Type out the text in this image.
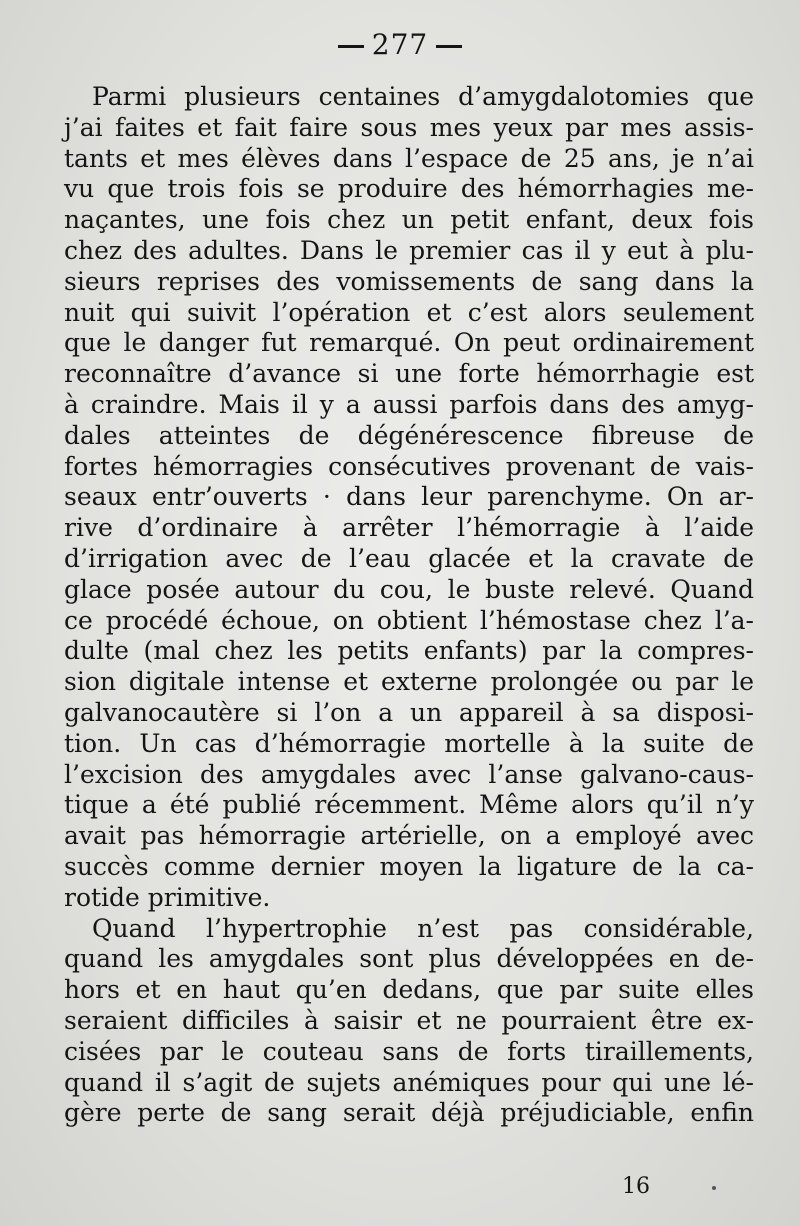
277
Parmi plusieurs centaines d’amygdalotomies que
j’ai faites et fait faire sous mes yeux par mes assis-
tants et mes élèves dans l’espace de 25 ans, je n’ai
vu que trois fois se produire des hémorrhagies me-
naçantes, une fois chez un petit enfant, deux fois
chez des adultes. Dans le premier cas il y eut à plu-
sieurs reprises des vomissements de sang dans la
nuit qui suivit l’opération et c’est alors seulement
que le danger fut remarqué. On peut ordinairement
reconnaître d’avance si une forte hémorrhagie est
à craindre. Mais il y a aussi parfois dans des amyg-
dales atteintes de dégénérescence fibreuse de
fortes hémorragies consécutives provenant de vais-
seaux entr’ouverts · dans leur parenchyme. On ar-
rive d’ordinaire à arrêter l’hémorragie à l’aide
d’irrigation avec de l’eau glacée et la cravate de
glace posée autour du cou, le buste relevé. Quand
ce procédé échoue, on obtient l’hémostase chez l’a-
dulte (mal chez les petits enfants) par la compres-
sion digitale intense et externe prolongée ou par le
galvanocautère si l’on a un appareil à sa disposi-
tion. Un cas d’hémorragie mortelle à la suite de
l’excision des amygdales avec l’anse galvano-caus-
tique a été publié récemment. Même alors qu’il n’y
avait pas hémorragie artérielle, on a employé avec
succès comme dernier moyen la ligature de la ca-
rotide primitive.
Quand l’hypertrophie n’est pas considérable,
quand les amygdales sont plus développées en de-
hors et en haut qu’en dedans, que par suite elles
seraient difficiles à saisir et ne pourraient être ex-
cisées par le couteau sans de forts tiraillements,
quand il s’agit de sujets anémiques pour qui une lé-
gère perte de sang serait déjà préjudiciable, enfin
16
